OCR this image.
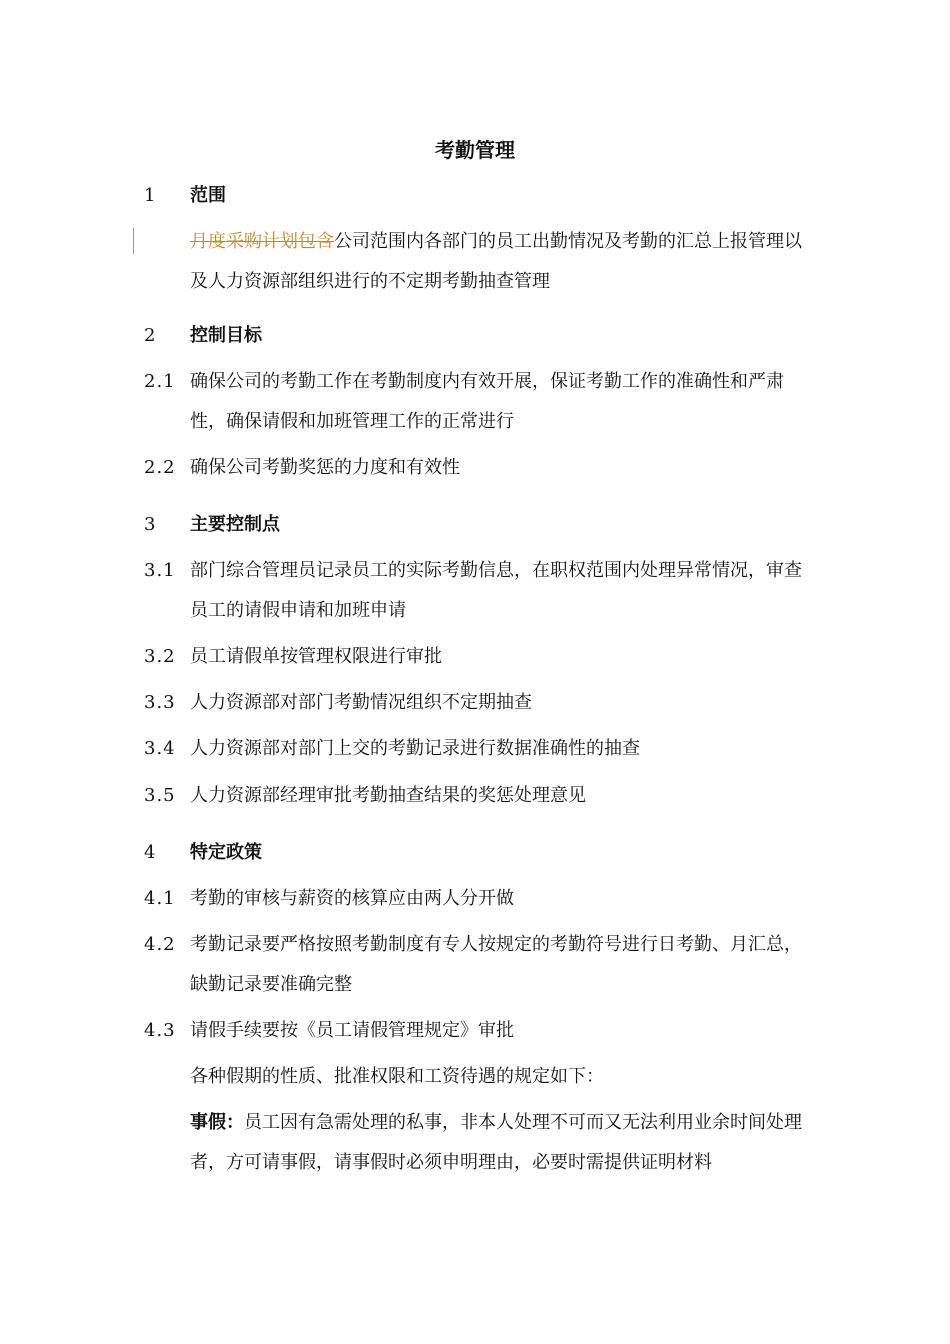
考勤管理
1 范围
月度采购计划包含公司范围内各部门的员工出勤情况及考勤的汇总上报管理以及人力资源部组织进行的不定期考勤抽查管理
2 控制目标
2.1 确保公司的考勤工作在考勤制度内有效开展，保证考勤工作的准确性和严肃性，确保请假和加班管理工作的正常进行
2.2 确保公司考勤奖惩的力度和有效性
3 主要控制点
3.1 部门综合管理员记录员工的实际考勤信息，在职权范围内处理异常情况，审查员工的请假申请和加班申请
3.2 员工请假单按管理权限进行审批
3.3 人力资源部对部门考勤情况组织不定期抽查
3.4 人力资源部对部门上交的考勤记录进行数据准确性的抽查
3.5 人力资源部经理审批考勤抽查结果的奖惩处理意见
4 特定政策
4.1 考勤的审核与薪资的核算应由两人分开做
4.2 考勤记录要严格按照考勤制度有专人按规定的考勤符号进行日考勤、月汇总，缺勤记录要准确完整
4.3 请假手续要按《员工请假管理规定》审批
各种假期的性质、批准权限和工资待遇的规定如下：
事假：员工因有急需处理的私事，非本人处理不可而又无法利用业余时间处理者，方可请事假，请事假时必须申明理由，必要时需提供证明材料
